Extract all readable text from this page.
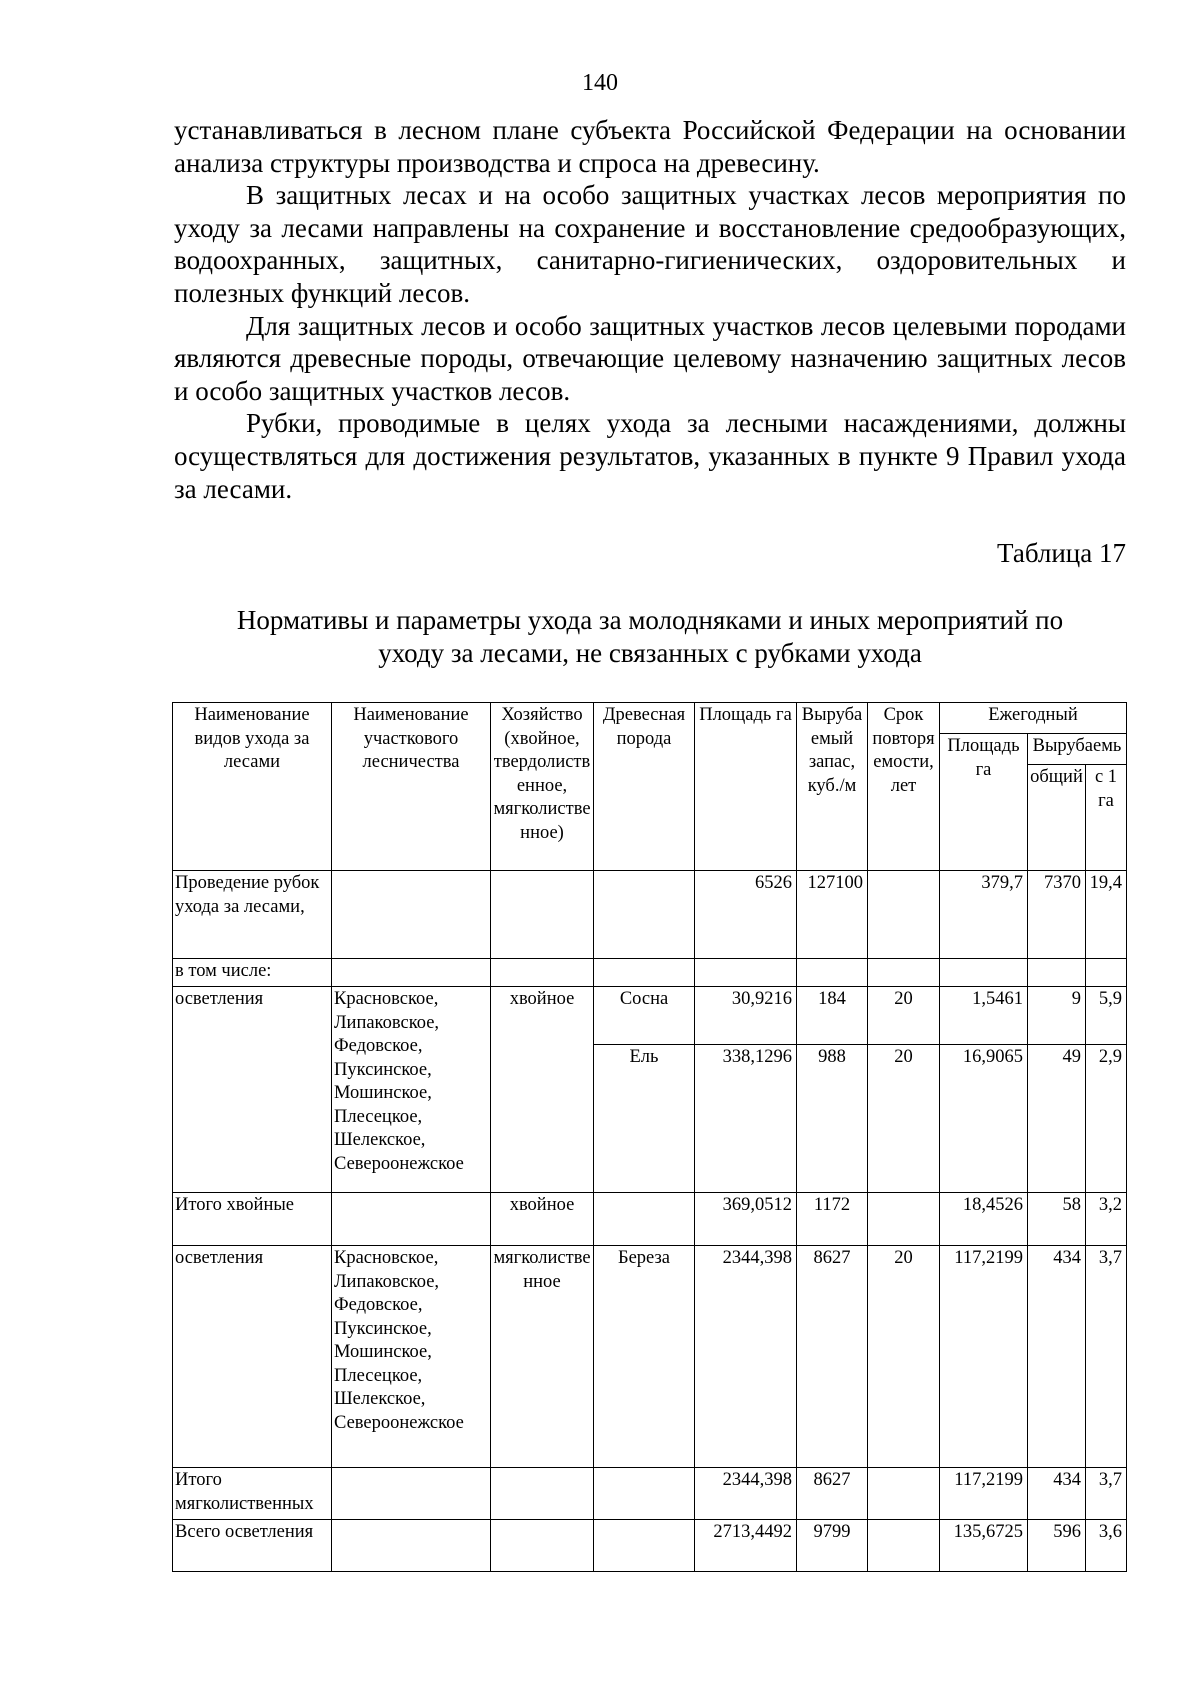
140

устанавливаться в лесном плане субъекта Российской Федерации на основании анализа структуры производства и спроса на древесину.

В защитных лесах и на особо защитных участках лесов мероприятия по уходу за лесами направлены на сохранение и восстановление средообразующих, водоохранных, защитных, санитарно-гигиенических, оздоровительных и полезных функций лесов.

Для защитных лесов и особо защитных участков лесов целевыми породами являются древесные породы, отвечающие целевому назначению защитных лесов и особо защитных участков лесов.

Рубки, проводимые в целях ухода за лесными насаждениями, должны осуществляться для достижения результатов, указанных в пункте 9 Правил ухода за лесами.

Таблица 17
Нормативы и параметры ухода за молодняками и иных мероприятий по
уходу за лесами, не связанных с рубками ухода
Наименование видов ухода за лесами	Наименование участкового лесничества	Хозяйство (хвойное, твердолиственное, мягколиственное)	Древесная порода	Площадь га	Вырубаемый запас, куб./м	Срок повторяемости, лет	Ежегодный		
							Площадь га	Вырубаемь	
								общий	с 1 га
Проведение рубок ухода за лесами,				6526	127100		379,7	7370	19,4
в том числе:									
осветления	Красновское, Липаковское, Федовское, Пуксинское, Мошинское, Плесецкое, Шелекское, Североонежское	хвойное	Сосна	30,9216	184	20	1,5461	9	5,9
			Ель	338,1296	988	20	16,9065	49	2,9
Итого хвойные		хвойное		369,0512	1172		18,4526	58	3,2
осветления	Красновское, Липаковское, Федовское, Пуксинское, Мошинское, Плесецкое, Шелекское, Североонежское	мягколиственное	Береза	2344,398	8627	20	117,2199	434	3,7
Итого мягколиственных				2344,398	8627		117,2199	434	3,7
Всего осветления				2713,4492	9799		135,6725	596	3,6
